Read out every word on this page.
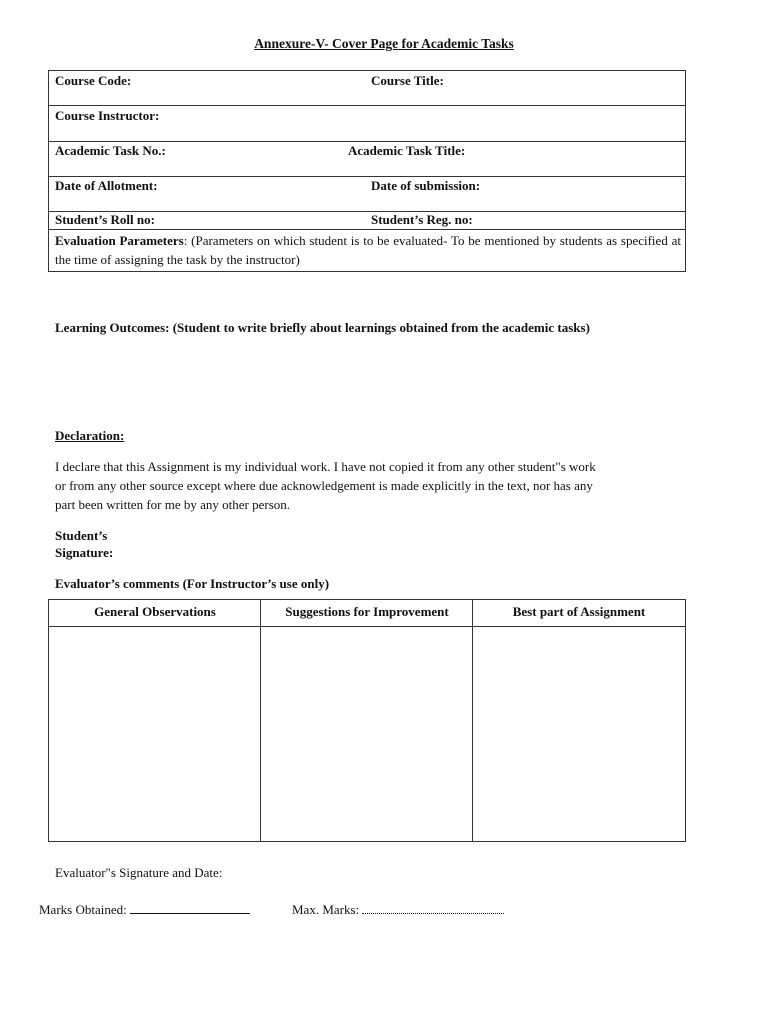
Annexure-V- Cover Page for Academic Tasks
Course Code:	Course Title:
Course Instructor:
Academic Task No.:	Academic Task Title:
Date of Allotment:	Date of submission:
Student’s Roll no:	Student’s Reg. no:
Evaluation Parameters: (Parameters on which student is to be evaluated- To be mentioned by students as specified at the time of assigning the task by the instructor)
Learning Outcomes: (Student to write briefly about learnings obtained from the academic tasks)
Declaration:
I declare that this Assignment is my individual work. I have not copied it from any other student"s work
or from any other source except where due acknowledgement is made explicitly in the text, nor has any
part been written for me by any other person.
Student’s
Signature:
Evaluator’s comments (For Instructor’s use only)
General Observations	Suggestions for Improvement	Best part of Assignment
Evaluator"s Signature and Date:
Marks Obtained:	Max. Marks:
